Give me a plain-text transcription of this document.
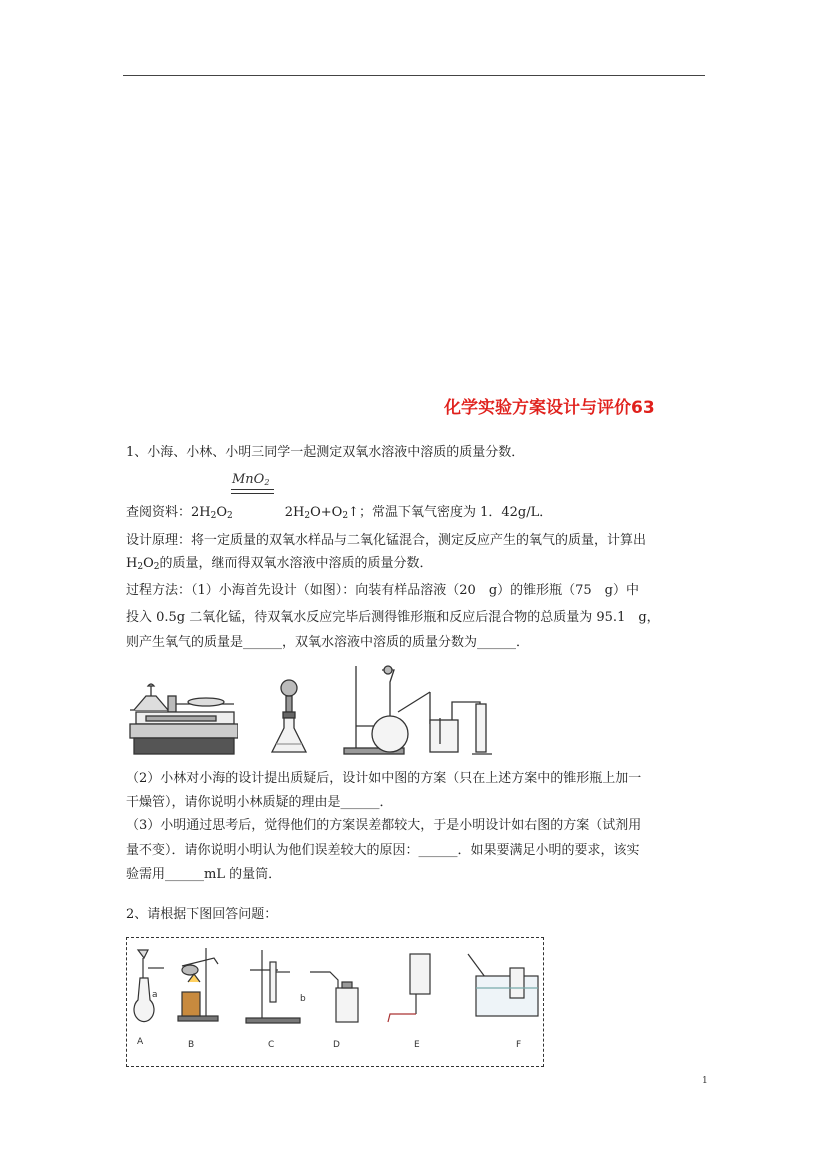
化学实验方案设计与评价63
1、小海、小林、小明三同学一起测定双氧水溶液中溶质的质量分数．
MnO$_2$
查阅资料：$2H_2O_2$	$2H_2O+O_2↑$；常温下氧气密度为 1．42g/L．
设计原理：将一定质量的双氧水样品与二氧化锰混合，测定反应产生的氧气的质量，计算出
$H_2O_2$的质量，继而得双氧水溶液中溶质的质量分数．
过程方法：（1）小海首先设计（如图）：向装有样品溶液（20　g）的锥形瓶（75　g）中
投入 0.5g 二氧化锰，待双氧水反应完毕后测得锥形瓶和反应后混合物的总质量为 95.1　g，
则产生氧气的质量是______，双氧水溶液中溶质的质量分数为______．
（2）小林对小海的设计提出质疑后，设计如中图的方案（只在上述方案中的锥形瓶上加一
干燥管），请你说明小林质疑的理由是______．
（3）小明通过思考后，觉得他们的方案误差都较大，于是小明设计如右图的方案（试剂用
量不变）．请你说明小明认为他们误差较大的原因：______．如果要满足小明的要求，该实
验需用______mL 的量筒．
2、请根据下图回答问题：
a	b
A	B	C	D	E	F
1
